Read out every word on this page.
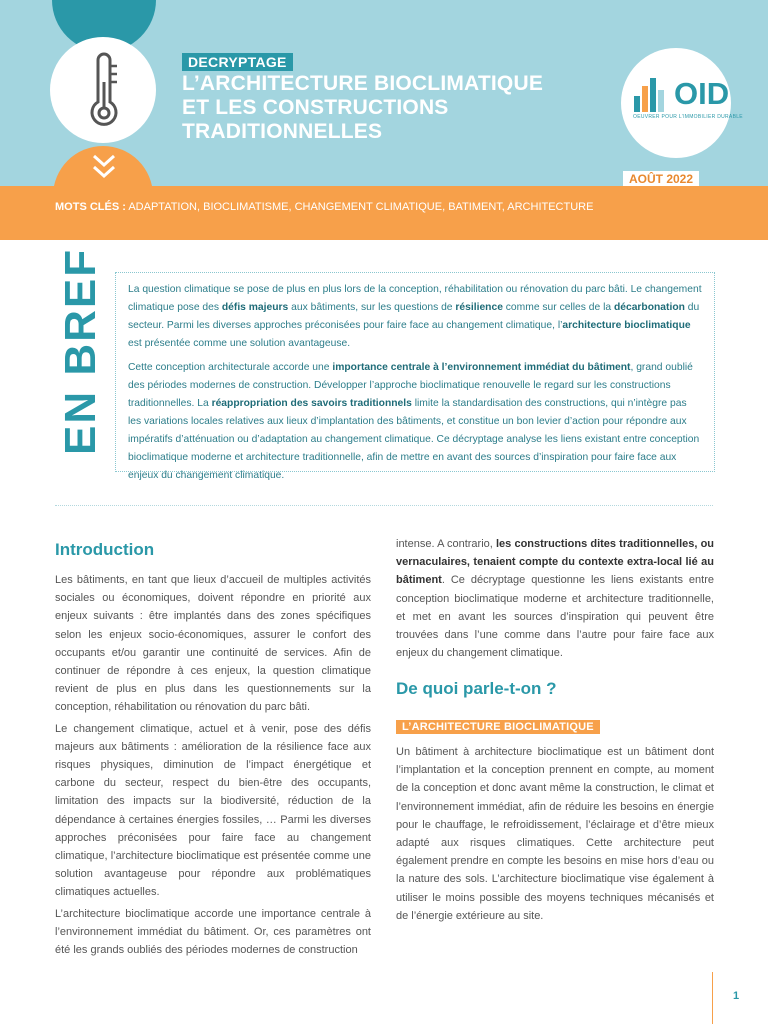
DECRYPTAGE
L’ARCHITECTURE BIOCLIMATIQUE
ET LES CONSTRUCTIONS
TRADITIONNELLES
OID
OEUVRER POUR L’IMMOBILIER DURABLE
AOÛT 2022
MOTS CLÉS : ADAPTATION, BIOCLIMATISME, CHANGEMENT CLIMATIQUE, BATIMENT, ARCHITECTURE
EN BREF La question climatique se pose de plus en plus lors de la conception, réhabilitation ou rénovation du parc bâti. Le changement climatique pose des défis majeurs aux bâtiments, sur les questions de résilience comme sur celles de la décarbonation du secteur. Parmi les diverses approches préconisées pour faire face au changement climatique, l’architecture bioclimatique est présentée comme une solution avantageuse.

Cette conception architecturale accorde une importance centrale à l’environnement immédiat du bâtiment, grand oublié des périodes modernes de construction. Développer l’approche bioclimatique renouvelle le regard sur les constructions traditionnelles. La réappropriation des savoirs traditionnels limite la standardisation des constructions, qui n’intègre pas les variations locales relatives aux lieux d’implantation des bâtiments, et constitue un bon levier d’action pour répondre aux impératifs d’atténuation ou d’adaptation au changement climatique. Ce décryptage analyse les liens existant entre conception bioclimatique moderne et architecture traditionnelle, afin de mettre en avant des sources d’inspiration pour faire face aux enjeux du changement climatique.

Introduction

Les bâtiments, en tant que lieux d’accueil de multiples activités sociales ou économiques, doivent répondre en priorité aux enjeux suivants : être implantés dans des zones spécifiques selon les enjeux socio-économiques, assurer le confort des occupants et/ou garantir une continuité de services. Afin de continuer de répondre à ces enjeux, la question climatique revient de plus en plus dans les questionnements sur la conception, réhabilitation ou rénovation du parc bâti.

Le changement climatique, actuel et à venir, pose des défis majeurs aux bâtiments : amélioration de la résilience face aux risques physiques, diminution de l’impact énergétique et carbone du secteur, respect du bien-être des occupants, limitation des impacts sur la biodiversité, réduction de la dépendance à certaines énergies fossiles, … Parmi les diverses approches préconisées pour faire face au changement climatique, l’architecture bioclimatique est présentée comme une solution avantageuse pour répondre aux problématiques climatiques actuelles.

L’architecture bioclimatique accorde une importance centrale à l’environnement immédiat du bâtiment. Or, ces paramètres ont été les grands oubliés des périodes modernes de construction

intense. A contrario, les constructions dites traditionnelles, ou vernaculaires, tenaient compte du contexte extra-local lié au bâtiment. Ce décryptage questionne les liens existants entre conception bioclimatique moderne et architecture traditionnelle, et met en avant les sources d’inspiration qui peuvent être trouvées dans l’une comme dans l’autre pour faire face aux enjeux du changement climatique.

De quoi parle-t-on ?
L’ARCHITECTURE BIOCLIMATIQUE

Un bâtiment à architecture bioclimatique est un bâtiment dont l’implantation et la conception prennent en compte, au moment de la conception et donc avant même la construction, le climat et l’environnement immédiat, afin de réduire les besoins en énergie pour le chauffage, le refroidissement, l’éclairage et d’être mieux adapté aux risques climatiques. Cette architecture peut également prendre en compte les besoins en mise hors d’eau ou la nature des sols. L’architecture bioclimatique vise également à utiliser le moins possible des moyens techniques mécanisés et de l’énergie extérieure au site.

1
